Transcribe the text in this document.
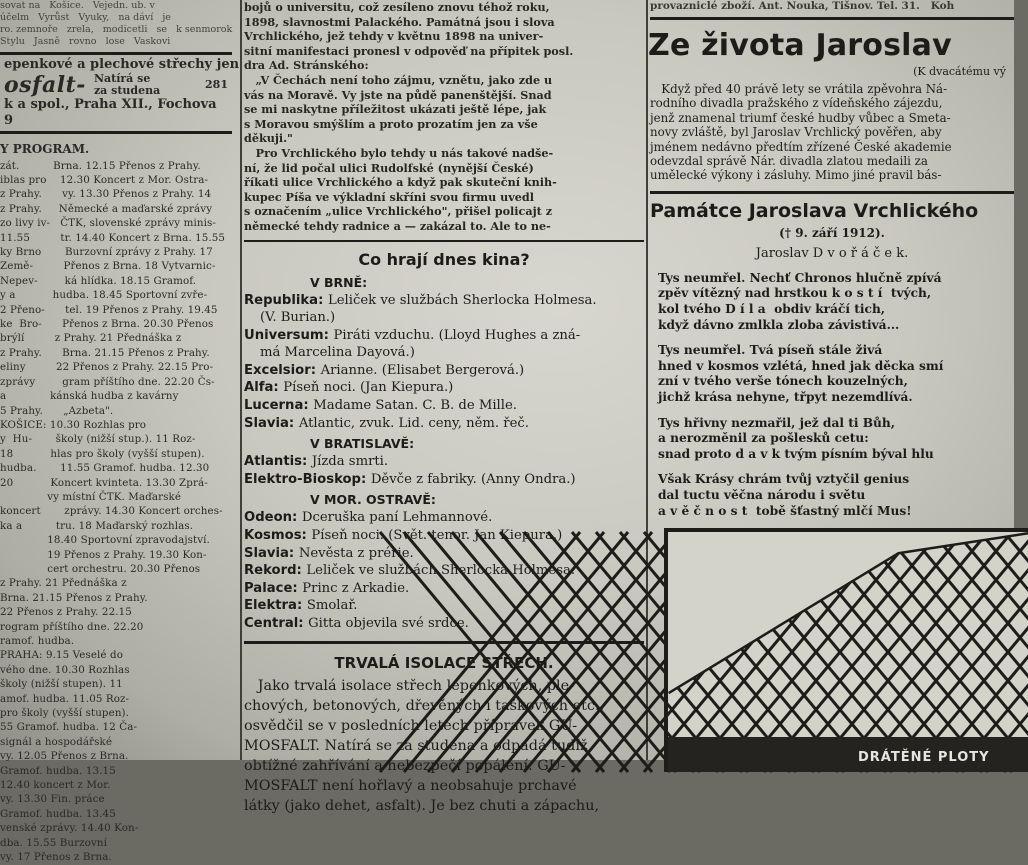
sovat na   Košice.   Vejedn. ub. v
účelm   Vyrůst   Vyuky,   na dáví   je
ro. zemnoře   zrela,   modicetli   se   k senmorok
Stylu   Jasně   rovno   lose   Vaskovi
epenkové a plechové střechy jen
osfalt- Natírá se
za studena	281
k a spol., Praha XII., Fochova 9
Y PROGRAM.
zát.          Brna. 12.15 Přenos z Prahy.
iblas pro    12.30 Koncert z Mor. Ostra-
z Prahy.      vy. 13.30 Přenos z Prahy. 14
z Prahy.     Německé a maďarské zprávy
zo livy iv-   ČTK, slovenské zprávy minis-
11.55         tr. 14.40 Koncert z Brna. 15.55
ky Brno       Burzovní zprávy z Prahy. 17
Země-         Přenos z Brna. 18 Vytvarnic-
Nepev-        ká hlídka. 18.15 Gramof.
y a           hudba. 18.45 Sportovní zvře-
2 Přeno-      tel. 19 Přenos z Prahy. 19.45
ke  Bro-      Přenos z Brna. 20.30 Přenos
brýlí         z Prahy. 21 Přednáška z
z Prahy.      Brna. 21.15 Přenos z Prahy.
eliny         22 Přenos z Prahy. 22.15 Pro-
zprávy        gram příštího dne. 22.20 Čs-
a             kánská hudba z kavárny
5 Prahy.      „Azbeta".
KOŠICE: 10.30 Rozhlas pro
y  Hu-       školy (nižší stup.). 11 Roz-
18           hlas pro školy (vyšší stupen).
hudba.       11.55 Gramof. hudba. 12.30
20           Koncert kvinteta. 13.30 Zprá-
vy místní ČTK. Maďarské
koncert       zprávy. 14.30 Koncert orches-
ka a          tru. 18 Maďarský rozhlas.
18.40 Sportovní zpravodajství.
19 Přenos z Prahy. 19.30 Kon-
cert orchestru. 20.30 Přenos
z Prahy. 21 Přednáška z
Brna. 21.15 Přenos z Prahy.
22 Přenos z Prahy. 22.15
rogram příštího dne. 22.20
ramof. hudba.
PRAHA: 9.15 Veselé do
vého dne. 10.30 Rozhlas
školy (nižší stupen). 11
amof. hudba. 11.05 Roz-
pro školy (vyšší stupen).
55 Gramof. hudba. 12 Ča-
signál a hospodářské
vy. 12.05 Přenos z Brna.
Gramof. hudba. 13.15
12.40 koncert z Mor.
vy. 13.30 Fin. práce
Gramof. hudba. 13.45
venské zprávy. 14.40 Kon-
dba. 15.55 Burzovní
vy. 17 Přenos z Brna.
bojů o universitu, což zesíleno znovu téhož roku,
1898, slavnostmi Palackého. Památná jsou i slova
Vrchlického, jež tehdy v květnu 1898 na univer-
sitní manifestaci pronesl v odpověď na přípitek posl.
dra Ad. Stránského:
„V Čechách není toho zájmu, vznětu, jako zde u
vás na Moravě. Vy jste na půdě panenštější. Snad
se mi naskytne příležitost ukázati ještě lépe, jak
s Moravou smýšlím a proto prozatím jen za vše
děkuji."
Pro Vrchlického bylo tehdy u nás takové nadše-
ní, že lid počal ulici Rudolfské (nynější České)
říkati ulice Vrchlického a když pak skuteční knih-
kupec Píša ve výkladní skříni svou firmu uvedl
s označením „ulice Vrchlického", přišel policajt z
německé tehdy radnice a — zakázal to. Ale to ne-
Co hrají dnes kina?
V BRNĚ:
Republika: Leliček ve službách Sherlocka Holmesa.
(V. Burian.)
Universum: Piráti vzduchu. (Lloyd Hughes a zná-
má Marcelina Dayová.)
Excelsior: Arianne. (Elisabet Bergerová.)
Alfa: Píseň noci. (Jan Kiepura.)
Lucerna: Madame Satan. C. B. de Mille.
Slavia: Atlantic, zvuk. Lid. ceny, něm. řeč.
V BRATISLAVĚ:
Atlantis: Jízda smrti.
Elektro-Bioskop: Děvče z fabriky. (Anny Ondra.)
V MOR. OSTRAVĚ:
Odeon: Dceruška paní Lehmannové.
Kosmos: Píseň noci. (Svět. tenor. Jan Kiepura.)
Slavia: Nevěsta z prérie.
Rekord: Leliček ve službách Sherlocka Holmesa.
Palace: Princ z Arkadie.
Elektra: Smolař.
Central: Gitta objevila své srdce.
TRVALÁ ISOLACE STŘECH.
Jako trvalá isolace střech lepenkových, ple-
chových, betonových, dřevěných i taškových etc.,
osvědčil se v posledních letech přípravek GU-
MOSFALT. Natírá se za studena a odpadá tudíž
obtížné zahřívání a nebezpečí popálení. GU-
MOSFALT není hořlavý a neobsahuje prchavé
látky (jako dehet, asfalt). Je bez chuti a zápachu,
provazniclé zboží. Ant. Nouka, Tišnov. Tel. 31.   Koh
Ze života Jaroslav
(K dvacátému vý
Když před 40 právě lety se vrátila zpěvohra Ná-
rodního divadla pražského z vídeňského zájezdu,
jenž znamenal triumf české hudby vůbec a Smeta-
novy zvláště, byl Jaroslav Vrchlický pověřen, aby
jménem nedávno předtím zřízené České akademie
odevzdal správě Nár. divadla zlatou medaili za
umělecké výkony i zásluhy. Mimo jiné pravil bás-
Památce Jaroslava Vrchlického
(† 9. září 1912).
Jaroslav D v o ř á č e k.
Tys neumřel. Nechť Chronos hlučně zpívá
zpěv vítězný nad hrstkou k o s t í  tvých,
kol tvého D í l a  obdiv kráčí tich,
když dávno zmlkla zloba závistivá...
Tys neumřel. Tvá píseň stále živá
hned v kosmos vzlétá, hned jak děcka smí
zní v tvého verše tónech kouzelných,
jichž krása nehyne, třpyt nezemdlívá.
Tys hřivny nezmařil, jež dal ti Bůh,
a nerozměnil za pošlesků cetu:
snad proto d a v k tvým písním býval hlu
Však Krásy chrám tvůj vztyčil genius
dal tuctu věčna národu i světu
a v ě č n o s t  tobě šťastný mlčí Mus!
DRÁTĚNÉ PLOTY
